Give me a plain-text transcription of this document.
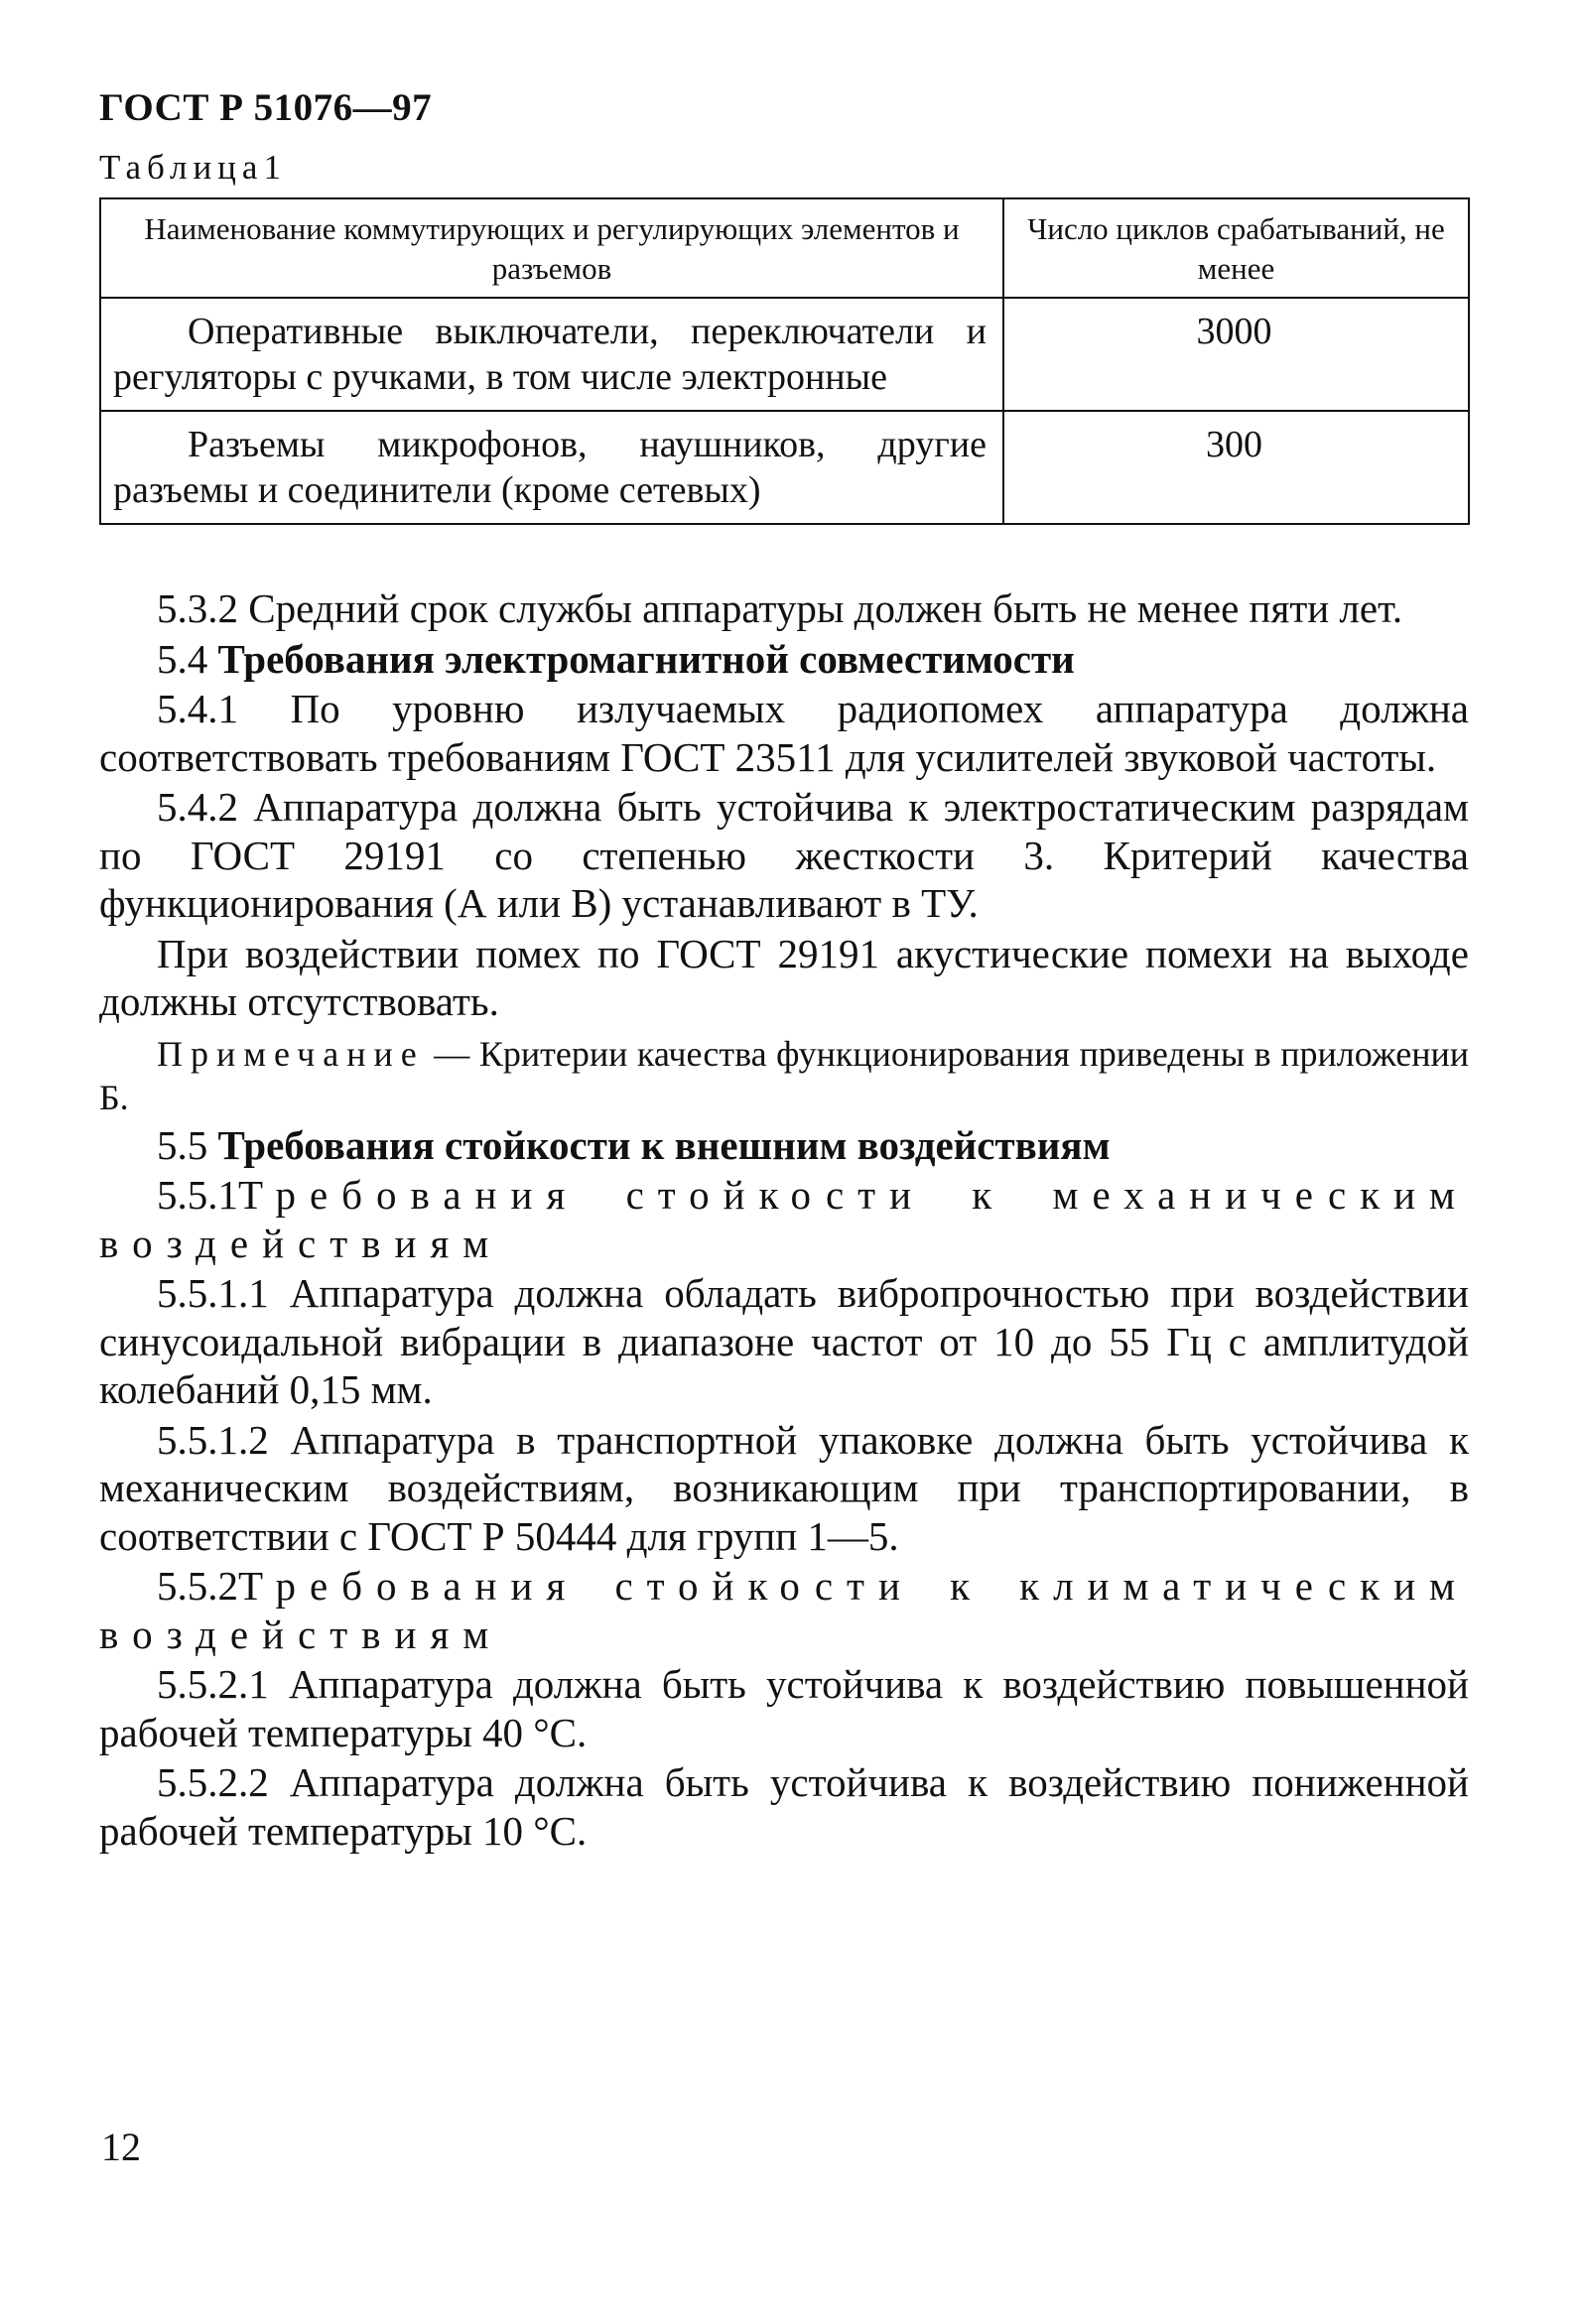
ГОСТ Р 51076—97
Таблица1
Наименование коммутирующих и регулирующих элементов и разъемов	Число циклов срабатываний, не менее
Оперативные выключатели, переключатели и регуляторы с ручками, в том числе электронные	3000
Разъемы микрофонов, наушников, другие разъемы и соединители (кроме сетевых)	300

5.3.2 Средний срок службы аппаратуры должен быть не менее пяти лет.

5.4 Требования электромагнитной совместимости

5.4.1 По уровню излучаемых радиопомех аппаратура должна соответствовать требованиям ГОСТ 23511 для усилителей звуковой частоты.

5.4.2 Аппаратура должна быть устойчива к электростатическим разрядам по ГОСТ 29191 со степенью жесткости 3. Критерий качества функционирования (А или В) устанавливают в ТУ.

При воздействии помех по ГОСТ 29191 акустические помехи на выходе должны отсутствовать.

Примечание — Критерии качества функционирования приведены в приложении Б.

5.5 Требования стойкости к внешним воздействиям

5.5.1Требования стойкости к механическим воздействиям

5.5.1.1 Аппаратура должна обладать вибропрочностью при воздействии синусоидальной вибрации в диапазоне частот от 10 до 55 Гц с амплитудой колебаний 0,15 мм.

5.5.1.2 Аппаратура в транспортной упаковке должна быть устойчива к механическим воздействиям, возникающим при транспортировании, в соответствии с ГОСТ Р 50444 для групп 1—5.

5.5.2Требования стойкости к климатическим воздействиям

5.5.2.1 Аппаратура должна быть устойчива к воздействию повышенной рабочей температуры 40 °С.

5.5.2.2 Аппаратура должна быть устойчива к воздействию пониженной рабочей температуры 10 °С.

12
